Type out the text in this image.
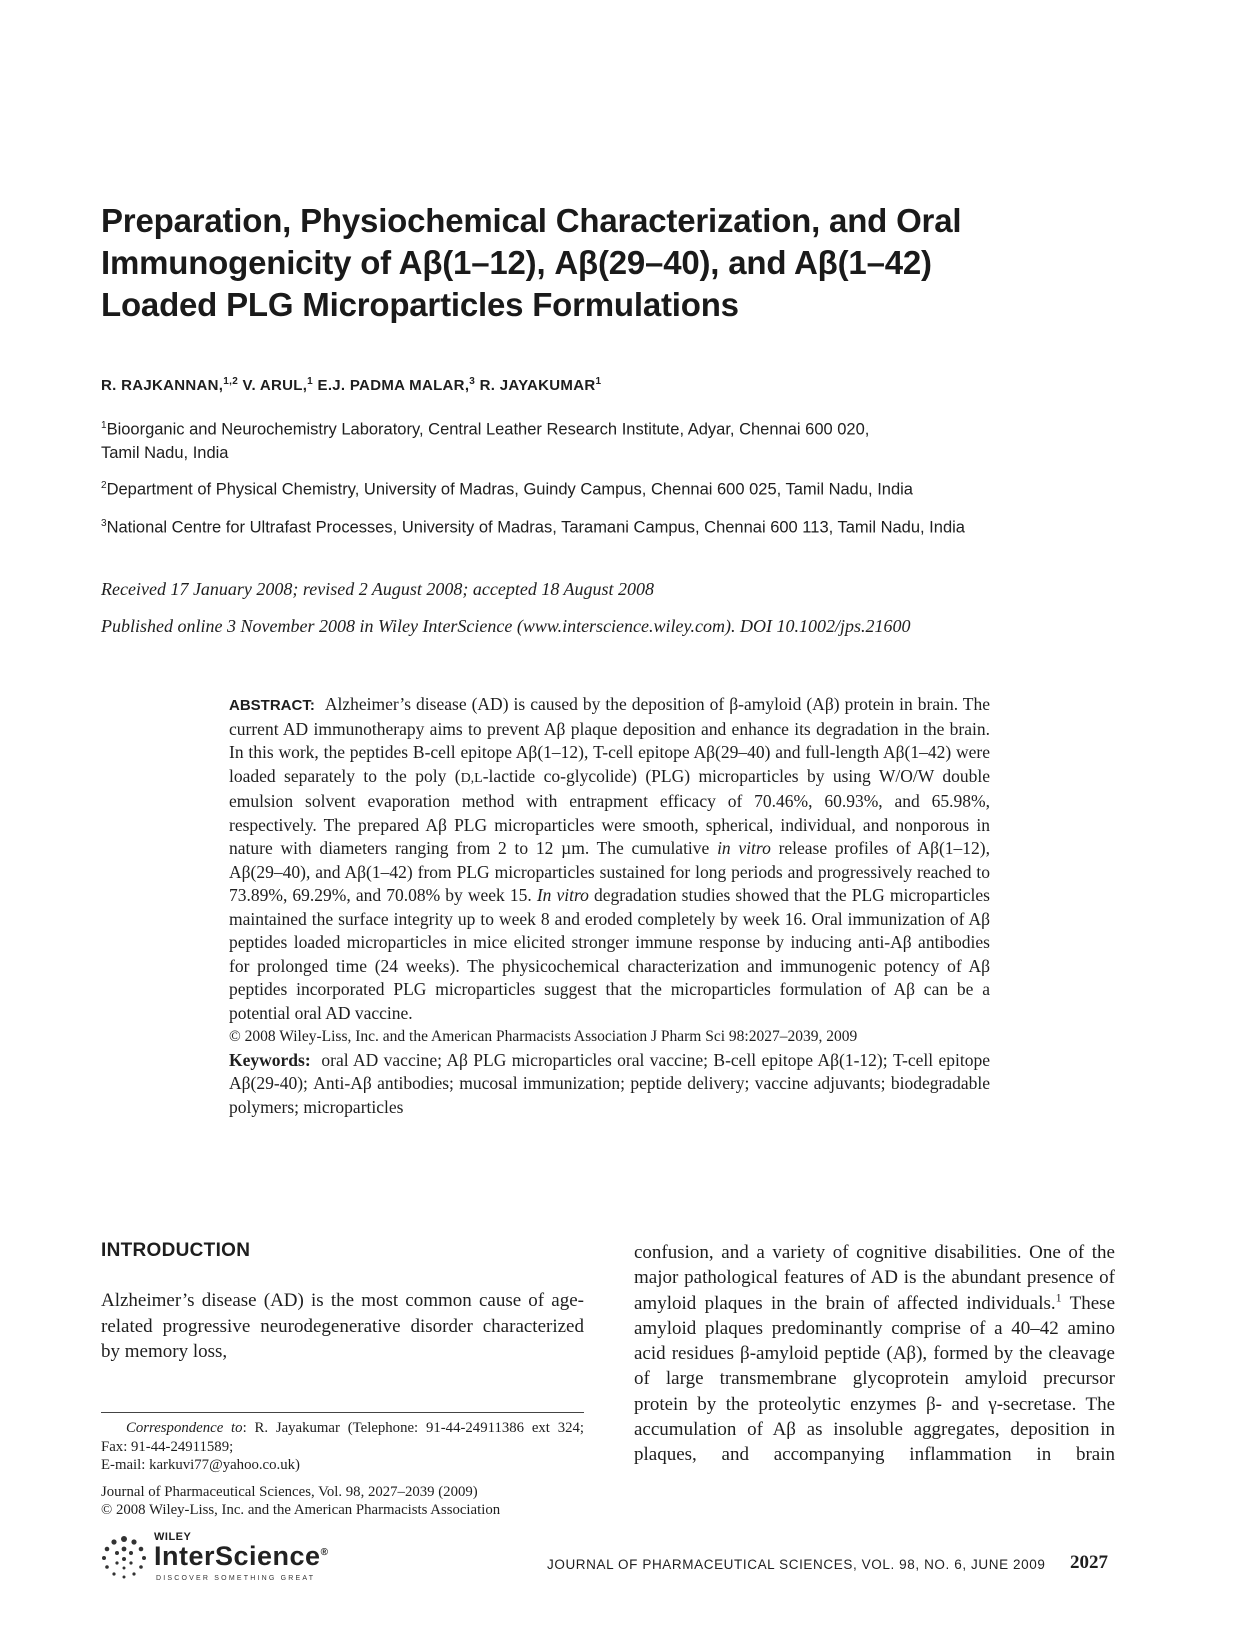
Preparation, Physiochemical Characterization, and Oral
Immunogenicity of Aβ(1–12), Aβ(29–40), and Aβ(1–42)
Loaded PLG Microparticles Formulations
R. RAJKANNAN,$^{1,2}$ V. ARUL,$^1$ E.J. PADMA MALAR,$^3$ R. JAYAKUMAR$^1$
$^1$Bioorganic and Neurochemistry Laboratory, Central Leather Research Institute, Adyar, Chennai 600 020,
Tamil Nadu, India
$^2$Department of Physical Chemistry, University of Madras, Guindy Campus, Chennai 600 025, Tamil Nadu, India
$^3$National Centre for Ultrafast Processes, University of Madras, Taramani Campus, Chennai 600 113, Tamil Nadu, India
Received 17 January 2008; revised 2 August 2008; accepted 18 August 2008
Published online 3 November 2008 in Wiley InterScience (www.interscience.wiley.com). DOI 10.1002/jps.21600
ABSTRACT: Alzheimer’s disease (AD) is caused by the deposition of β-amyloid (Aβ) protein in brain. The current AD immunotherapy aims to prevent Aβ plaque deposition and enhance its degradation in the brain. In this work, the peptides B-cell epitope Aβ(1–12), T-cell epitope Aβ(29–40) and full-length Aβ(1–42) were loaded separately to the poly (D,L-lactide co-glycolide) (PLG) microparticles by using W/O/W double emulsion solvent evaporation method with entrapment efficacy of 70.46%, 60.93%, and 65.98%, respectively. The prepared Aβ PLG microparticles were smooth, spherical, individual, and nonporous in nature with diameters ranging from 2 to 12 µm. The cumulative in vitro release profiles of Aβ(1–12), Aβ(29–40), and Aβ(1–42) from PLG microparticles sustained for long periods and progressively reached to 73.89%, 69.29%, and 70.08% by week 15. In vitro degradation studies showed that the PLG microparticles maintained the surface integrity up to week 8 and eroded completely by week 16. Oral immunization of Aβ peptides loaded microparticles in mice elicited stronger immune response by inducing anti-Aβ antibodies for prolonged time (24 weeks). The physicochemical characterization and immunogenic potency of Aβ peptides incorporated PLG microparticles suggest that the microparticles formulation of Aβ can be a potential oral AD vaccine.
© 2008 Wiley-Liss, Inc. and the American Pharmacists Association J Pharm Sci 98:2027–2039, 2009
Keywords: oral AD vaccine; Aβ PLG microparticles oral vaccine; B-cell epitope Aβ(1-12); T-cell epitope Aβ(29-40); Anti-Aβ antibodies; mucosal immunization; peptide delivery; vaccine adjuvants; biodegradable polymers; microparticles
INTRODUCTION
Alzheimer’s disease (AD) is the most common cause of age-related progressive neurodegenerative disorder characterized by memory loss,
Correspondence to: R. Jayakumar (Telephone: 91-44-24911386 ext 324; Fax: 91-44-24911589;
E-mail: karkuvi77@yahoo.co.uk)
Journal of Pharmaceutical Sciences, Vol. 98, 2027–2039 (2009)
© 2008 Wiley-Liss, Inc. and the American Pharmacists Association
confusion, and a variety of cognitive disabilities. One of the major pathological features of AD is the abundant presence of amyloid plaques in the brain of affected individuals.$^1$ These amyloid plaques predominantly comprise of a 40–42 amino acid residues β-amyloid peptide (Aβ), formed by the cleavage of large transmembrane glycoprotein amyloid precursor protein by the proteolytic enzymes β- and γ-secretase. The accumulation of Aβ as insoluble aggregates, deposition in plaques, and accompanying inflammation in brain
WILEY
InterScience®
DISCOVER SOMETHING GREAT
JOURNAL OF PHARMACEUTICAL SCIENCES, VOL. 98, NO. 6, JUNE 2009 2027
